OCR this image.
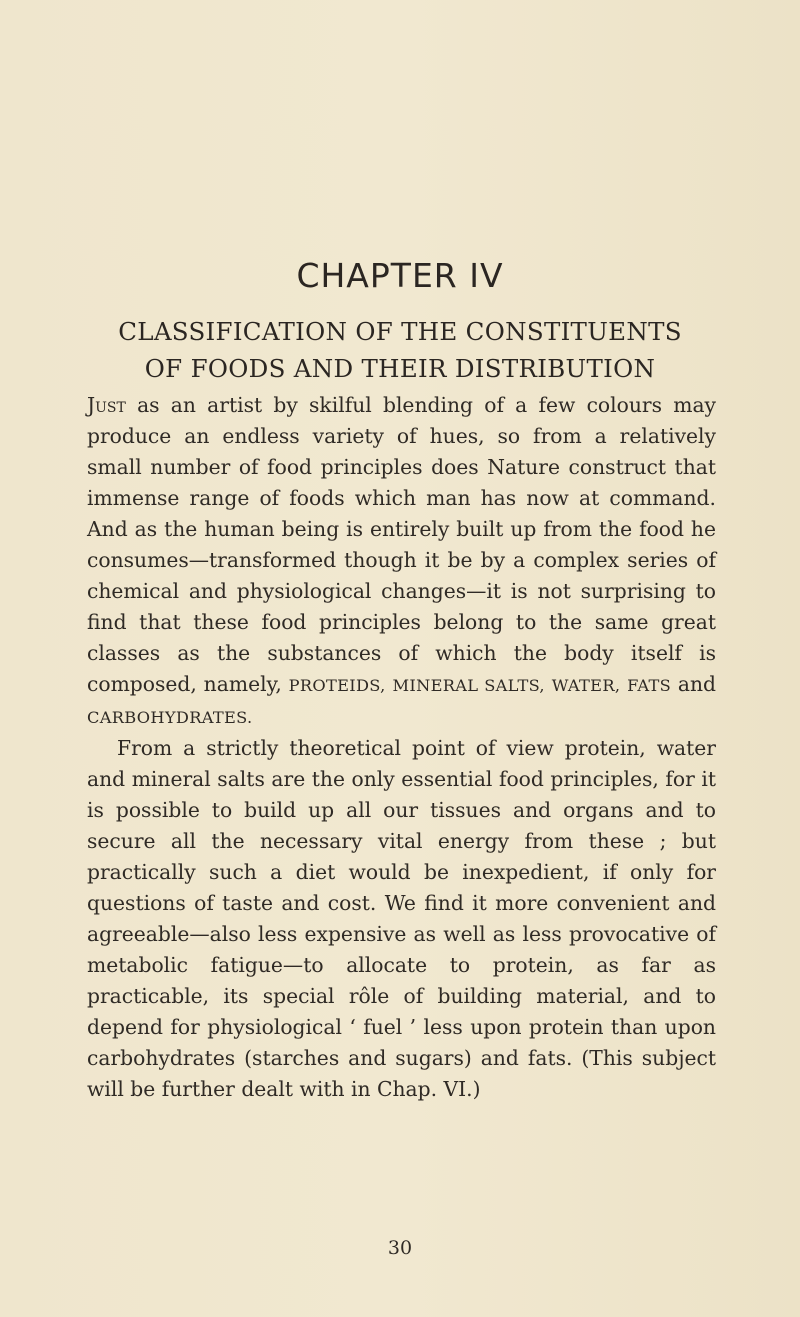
CHAPTER IV
CLASSIFICATION OF THE CONSTITUENTS
OF FOODS AND THEIR DISTRIBUTION

Just as an artist by skilful blending of a few colours may produce an endless variety of hues, so from a relatively small number of food principles does Nature construct that immense range of foods which man has now at command. And as the human being is entirely built up from the food he consumes—transformed though it be by a complex series of chemical and physiological changes—it is not surprising to find that these food principles belong to the same great classes as the substances of which the body itself is composed, namely, PROTEIDS, MINERAL SALTS, WATER, FATS and CARBOHYDRATES.

From a strictly theoretical point of view protein, water and mineral salts are the only essential food principles, for it is possible to build up all our tissues and organs and to secure all the necessary vital energy from these ; but practically such a diet would be inexpedient, if only for questions of taste and cost. We find it more convenient and agreeable—also less expensive as well as less provocative of metabolic fatigue—to allocate to protein, as far as practicable, its special rôle of building material, and to depend for physiological ‘ fuel ’ less upon protein than upon carbohydrates (starches and sugars) and fats. (This subject will be further dealt with in Chap. VI.)

30
